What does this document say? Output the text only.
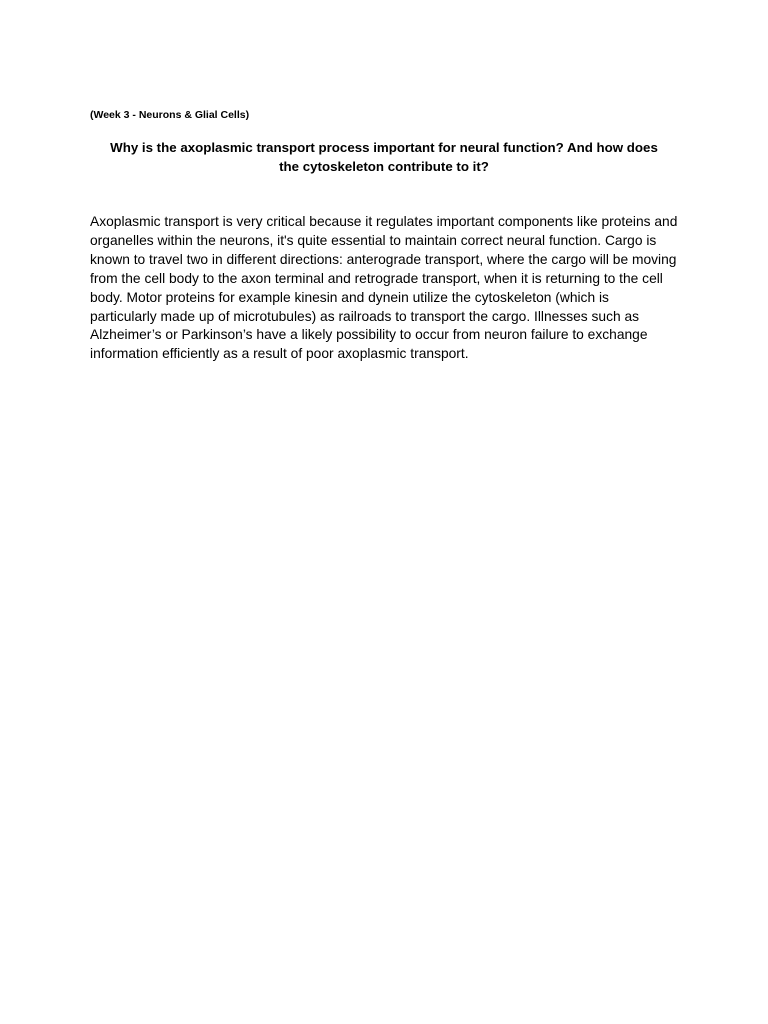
(Week 3 - Neurons & Glial Cells)
Why is the axoplasmic transport process important for neural function? And how does
the cytoskeleton contribute to it?
Axoplasmic transport is very critical because it regulates important components like proteins and
organelles within the neurons, it's quite essential to maintain correct neural function. Cargo is
known to travel two in different directions: anterograde transport, where the cargo will be moving
from the cell body to the axon terminal and retrograde transport, when it is returning to the cell
body. Motor proteins for example kinesin and dynein utilize the cytoskeleton (which is
particularly made up of microtubules) as railroads to transport the cargo. Illnesses such as
Alzheimer’s or Parkinson’s have a likely possibility to occur from neuron failure to exchange
information efficiently as a result of poor axoplasmic transport.
